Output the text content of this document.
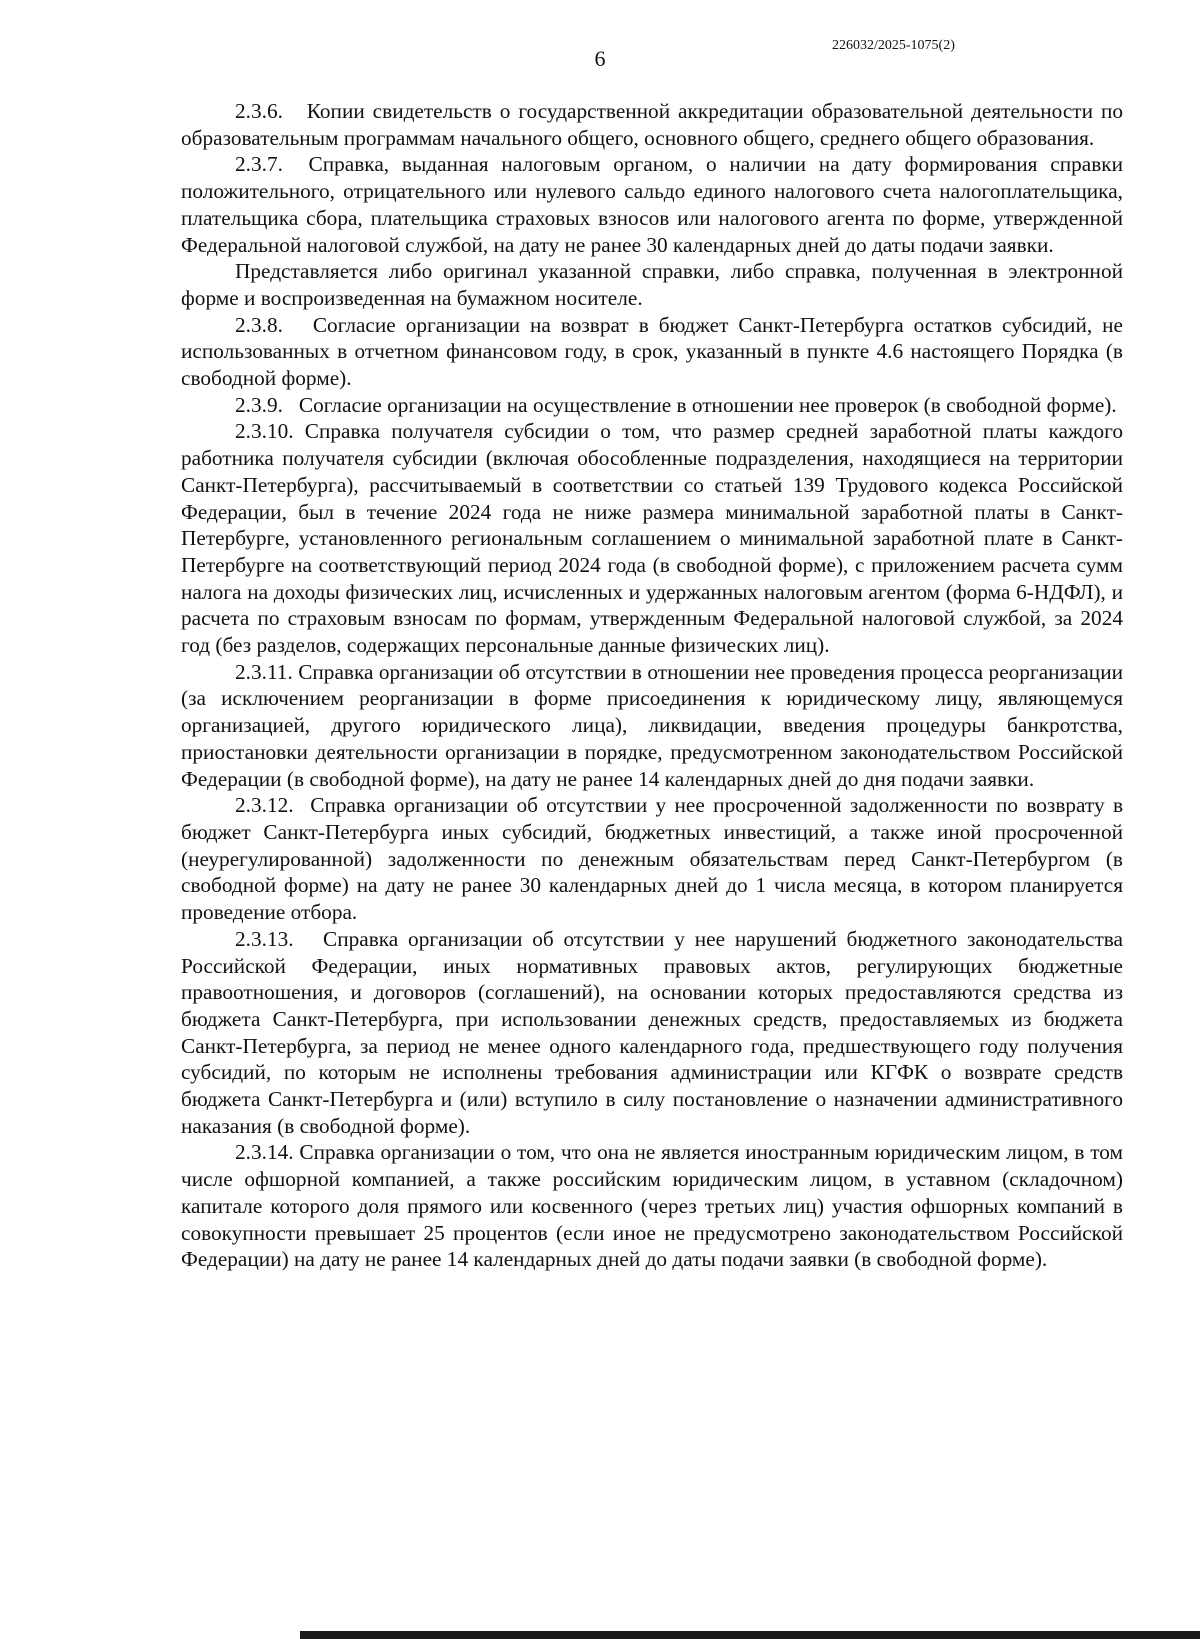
6
226032/2025-1075(2)

2.3.6.   Копии свидетельств о государственной аккредитации образовательной деятельности по образовательным программам начального общего, основного общего, среднего общего образования.

2.3.7.  Справка, выданная налоговым органом, о наличии на дату формирования справки положительного, отрицательного или нулевого сальдо единого налогового счета налогоплательщика, плательщика сбора, плательщика страховых взносов или налогового агента по форме, утвержденной Федеральной налоговой службой, на дату не ранее 30 календарных дней до даты подачи заявки.

Представляется либо оригинал указанной справки, либо справка, полученная в электронной форме и воспроизведенная на бумажном носителе.

2.3.8.   Согласие организации на возврат в бюджет Санкт-Петербурга остатков субсидий, не использованных в отчетном финансовом году, в срок, указанный в пункте 4.6 настоящего Порядка (в свободной форме).

2.3.9.   Согласие организации на осуществление в отношении нее проверок (в свободной форме).

2.3.10. Справка получателя субсидии о том, что размер средней заработной платы каждого работника получателя субсидии (включая обособленные подразделения, находящиеся на территории Санкт-Петербурга), рассчитываемый в соответствии со статьей 139 Трудового кодекса Российской Федерации, был в течение 2024 года не ниже размера минимальной заработной платы в Санкт-Петербурге, установленного региональным соглашением о минимальной заработной плате в Санкт-Петербурге на соответствующий период 2024 года (в свободной форме), с приложением расчета сумм налога на доходы физических лиц, исчисленных и удержанных налоговым агентом (форма 6-НДФЛ), и расчета по страховым взносам по формам, утвержденным Федеральной налоговой службой, за 2024 год (без разделов, содержащих персональные данные физических лиц).

2.3.11. Справка организации об отсутствии в отношении нее проведения процесса реорганизации (за исключением реорганизации в форме присоединения к юридическому лицу, являющемуся организацией, другого юридического лица), ликвидации, введения процедуры банкротства, приостановки деятельности организации в порядке, предусмотренном законодательством Российской Федерации (в свободной форме), на дату не ранее 14 календарных дней до дня подачи заявки.

2.3.12.  Справка организации об отсутствии у нее просроченной задолженности по возврату в бюджет Санкт-Петербурга иных субсидий, бюджетных инвестиций, а также иной просроченной (неурегулированной) задолженности по денежным обязательствам перед Санкт-Петербургом (в свободной форме) на дату не ранее 30 календарных дней до 1 числа месяца, в котором планируется проведение отбора.

2.3.13.   Справка организации об отсутствии у нее нарушений бюджетного законодательства Российской Федерации, иных нормативных правовых актов, регулирующих бюджетные правоотношения, и договоров (соглашений), на основании которых предоставляются средства из бюджета Санкт-Петербурга, при использовании денежных средств, предоставляемых из бюджета Санкт-Петербурга, за период не менее одного календарного года, предшествующего году получения субсидий, по которым не исполнены требования администрации или КГФК о возврате средств бюджета Санкт-Петербурга и (или) вступило в силу постановление о назначении административного наказания (в свободной форме).

2.3.14. Справка организации о том, что она не является иностранным юридическим лицом, в том числе офшорной компанией, а также российским юридическим лицом, в уставном (складочном) капитале которого доля прямого или косвенного (через третьих лиц) участия офшорных компаний в совокупности превышает 25 процентов (если иное не предусмотрено законодательством Российской Федерации) на дату не ранее 14 календарных дней до даты подачи заявки (в свободной форме).
